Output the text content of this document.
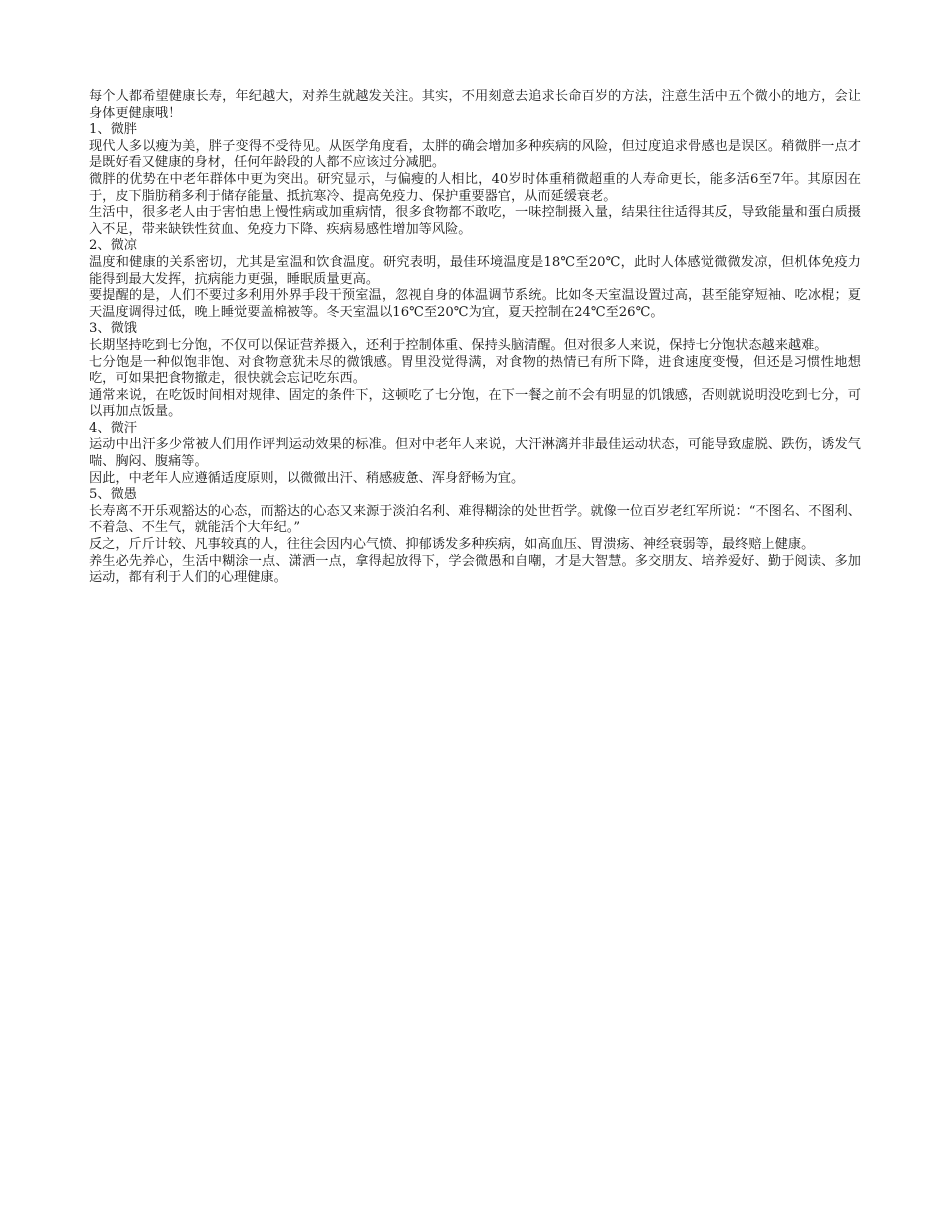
每个人都希望健康长寿，年纪越大，对养生就越发关注。其实，不用刻意去追求长命百岁的方法，注意生活中五个微小的地方，会让身体更健康哦！

1、微胖

现代人多以瘦为美，胖子变得不受待见。从医学角度看，太胖的确会增加多种疾病的风险，但过度追求骨感也是误区。稍微胖一点才是既好看又健康的身材，任何年龄段的人都不应该过分减肥。

微胖的优势在中老年群体中更为突出。研究显示，与偏瘦的人相比，40岁时体重稍微超重的人寿命更长，能多活6至7年。其原因在于，皮下脂肪稍多利于储存能量、抵抗寒冷、提高免疫力、保护重要器官，从而延缓衰老。

生活中，很多老人由于害怕患上慢性病或加重病情，很多食物都不敢吃，一味控制摄入量，结果往往适得其反，导致能量和蛋白质摄入不足，带来缺铁性贫血、免疫力下降、疾病易感性增加等风险。

2、微凉

温度和健康的关系密切，尤其是室温和饮食温度。研究表明，最佳环境温度是18℃至20℃，此时人体感觉微微发凉，但机体免疫力能得到最大发挥，抗病能力更强，睡眠质量更高。

要提醒的是，人们不要过多利用外界手段干预室温，忽视自身的体温调节系统。比如冬天室温设置过高，甚至能穿短袖、吃冰棍；夏天温度调得过低，晚上睡觉要盖棉被等。冬天室温以16℃至20℃为宜，夏天控制在24℃至26℃。

3、微饿

长期坚持吃到七分饱，不仅可以保证营养摄入，还利于控制体重、保持头脑清醒。但对很多人来说，保持七分饱状态越来越难。

七分饱是一种似饱非饱、对食物意犹未尽的微饿感。胃里没觉得满，对食物的热情已有所下降，进食速度变慢，但还是习惯性地想吃，可如果把食物撤走，很快就会忘记吃东西。

通常来说，在吃饭时间相对规律、固定的条件下，这顿吃了七分饱，在下一餐之前不会有明显的饥饿感，否则就说明没吃到七分，可以再加点饭量。

4、微汗

运动中出汗多少常被人们用作评判运动效果的标准。但对中老年人来说，大汗淋漓并非最佳运动状态，可能导致虚脱、跌伤，诱发气喘、胸闷、腹痛等。

因此，中老年人应遵循适度原则，以微微出汗、稍感疲惫、浑身舒畅为宜。

5、微愚

长寿离不开乐观豁达的心态，而豁达的心态又来源于淡泊名利、难得糊涂的处世哲学。就像一位百岁老红军所说：“不图名、不图利、不着急、不生气，就能活个大年纪。”

反之，斤斤计较、凡事较真的人，往往会因内心气愤、抑郁诱发多种疾病，如高血压、胃溃疡、神经衰弱等，最终赔上健康。

养生必先养心，生活中糊涂一点、潇洒一点，拿得起放得下，学会微愚和自嘲，才是大智慧。多交朋友、培养爱好、勤于阅读、多加运动，都有利于人们的心理健康。
